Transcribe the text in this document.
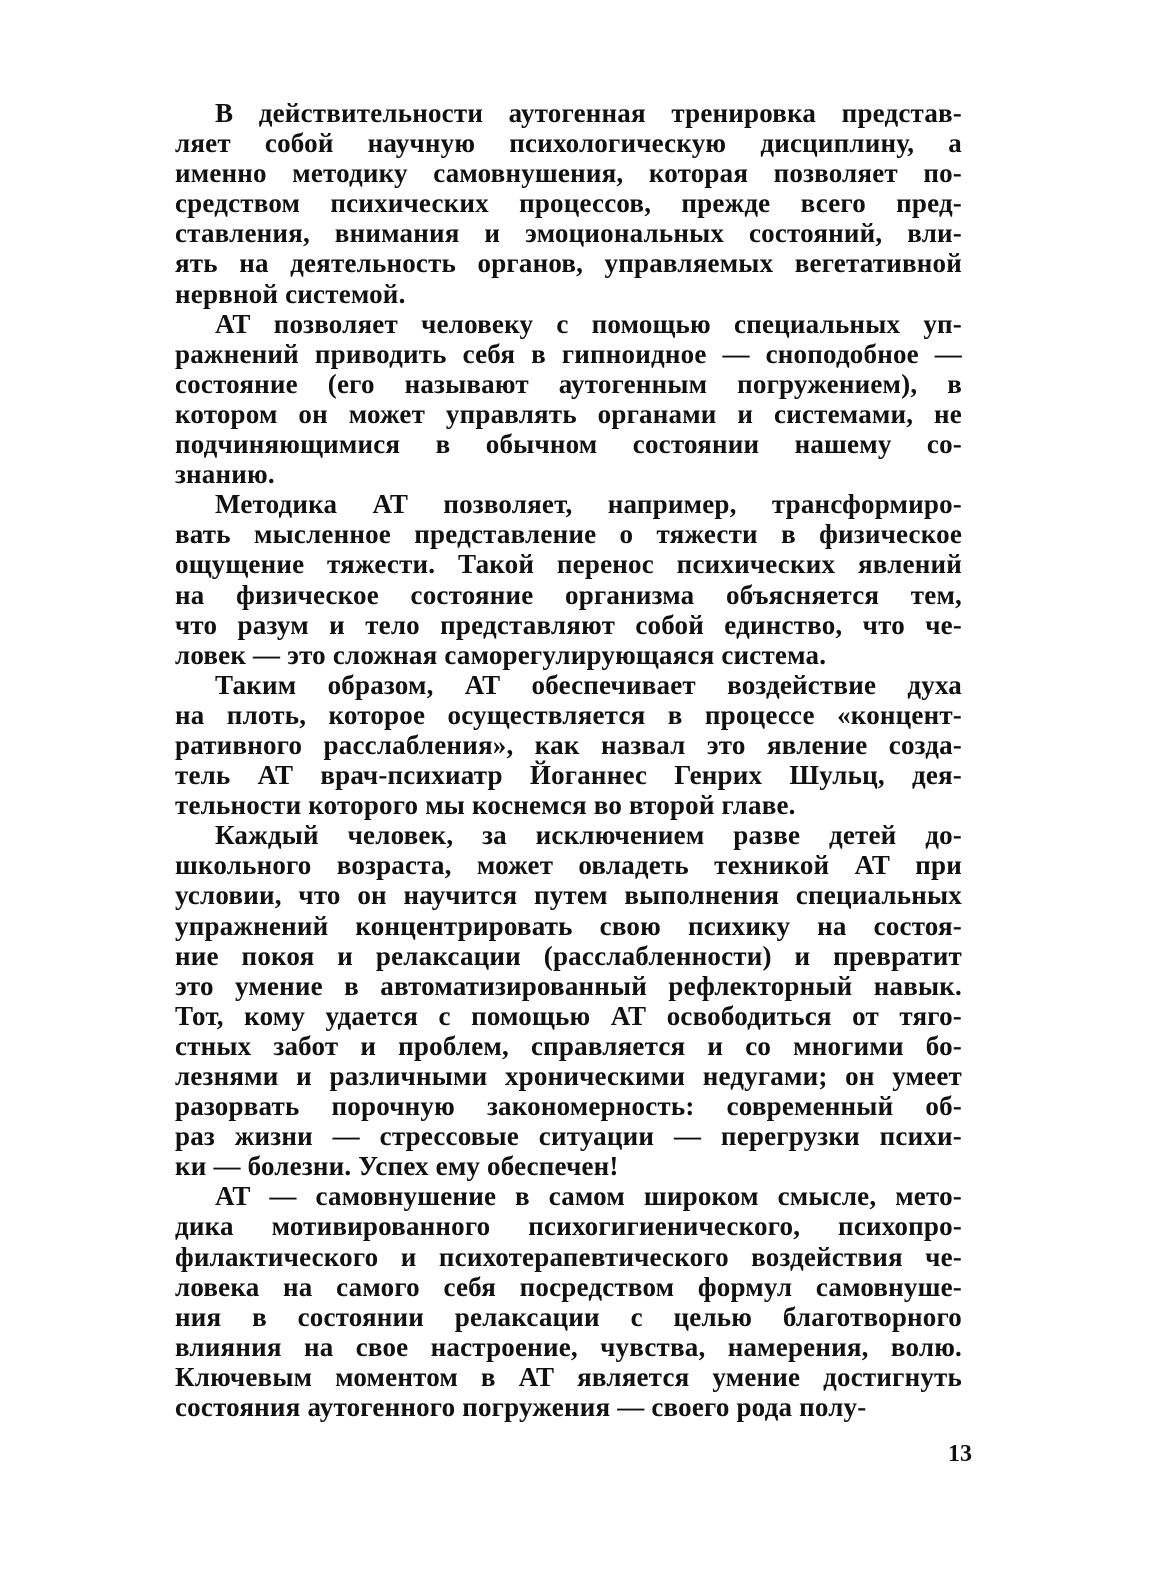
В действительности аутогенная тренировка представ-
ляет собой научную психологическую дисциплину, а
именно методику самовнушения, которая позволяет по-
средством психических процессов, прежде всего пред-
ставления, внимания и эмоциональных состояний, вли-
ять на деятельность органов, управляемых вегетативной
нервной системой.
АТ позволяет человеку с помощью специальных уп-
ражнений приводить себя в гипноидное — сноподобное —
состояние (его называют аутогенным погружением), в
котором он может управлять органами и системами, не
подчиняющимися в обычном состоянии нашему со-
знанию.
Методика АТ позволяет, например, трансформиро-
вать мысленное представление о тяжести в физическое
ощущение тяжести. Такой перенос психических явлений
на физическое состояние организма объясняется тем,
что разум и тело представляют собой единство, что че-
ловек — это сложная саморегулирующаяся система.
Таким образом, АТ обеспечивает воздействие духа
на плоть, которое осуществляется в процессе «концент-
ративного расслабления», как назвал это явление созда-
тель АТ врач-психиатр Йоганнес Генрих Шульц, дея-
тельности которого мы коснемся во второй главе.
Каждый человек, за исключением разве детей до-
школьного возраста, может овладеть техникой АТ при
условии, что он научится путем выполнения специальных
упражнений концентрировать свою психику на состоя-
ние покоя и релаксации (расслабленности) и превратит
это умение в автоматизированный рефлекторный навык.
Тот, кому удается с помощью АТ освободиться от тяго-
стных забот и проблем, справляется и со многими бо-
лезнями и различными хроническими недугами; он умеет
разорвать порочную закономерность: современный об-
раз жизни — стрессовые ситуации — перегрузки психи-
ки — болезни. Успех ему обеспечен!
АТ — самовнушение в самом широком смысле, мето-
дика мотивированного психогигиенического, психопро-
филактического и психотерапевтического воздействия че-
ловека на самого себя посредством формул самовнуше-
ния в состоянии релаксации с целью благотворного
влияния на свое настроение, чувства, намерения, волю.
Ключевым моментом в АТ является умение достигнуть
состояния аутогенного погружения — своего рода полу-
13
